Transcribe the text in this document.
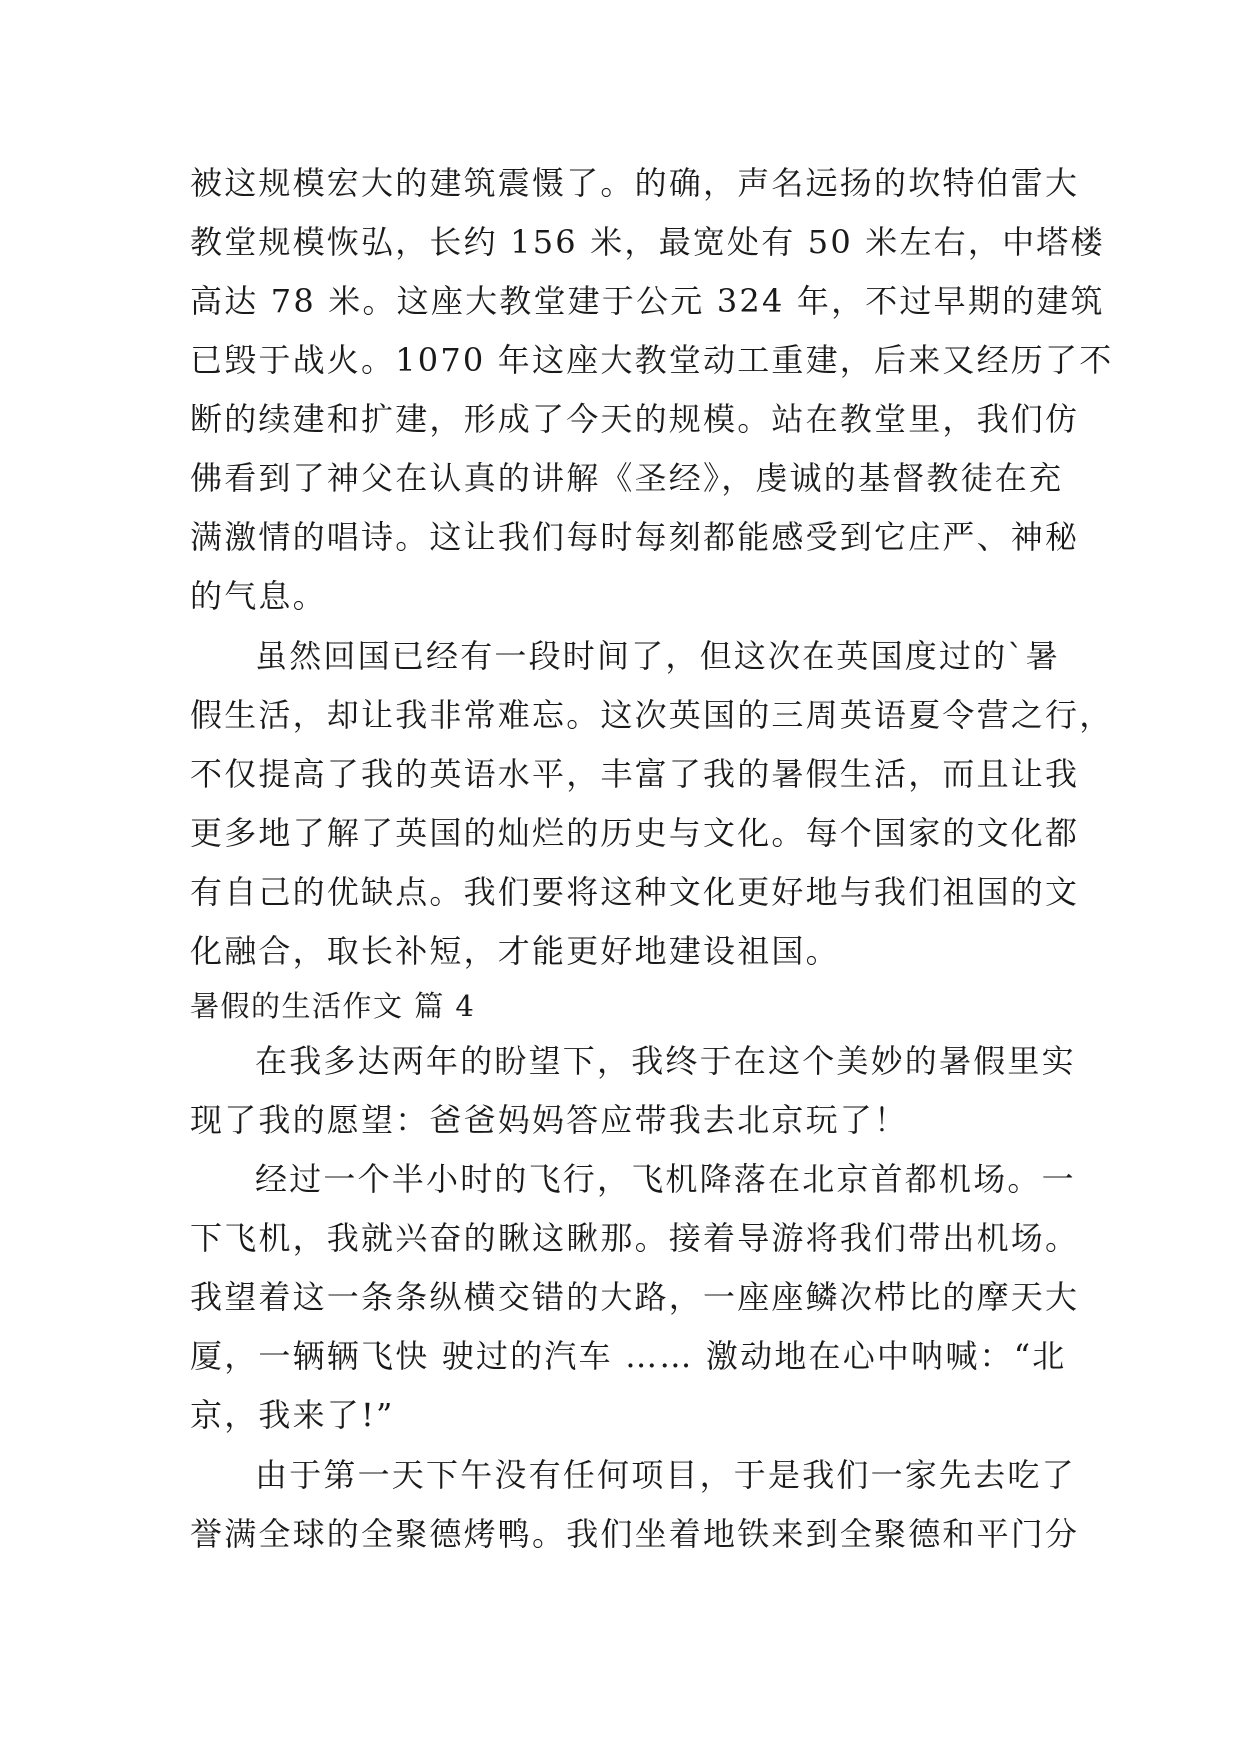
被这规模宏大的建筑震慑了。的确，声名远扬的坎特伯雷大

教堂规模恢弘，长约 156 米，最宽处有 50 米左右，中塔楼

高达 78 米。这座大教堂建于公元 324 年，不过早期的建筑

已毁于战火。1070 年这座大教堂动工重建，后来又经历了不

断的续建和扩建，形成了今天的规模。站在教堂里，我们仿

佛看到了神父在认真的讲解《圣经》，虔诚的基督教徒在充

满激情的唱诗。这让我们每时每刻都能感受到它庄严、神秘

的气息。

虽然回国已经有一段时间了，但这次在英国度过的`暑

假生活，却让我非常难忘。这次英国的三周英语夏令营之行，

不仅提高了我的英语水平，丰富了我的暑假生活，而且让我

更多地了解了英国的灿烂的历史与文化。每个国家的文化都

有自己的优缺点。我们要将这种文化更好地与我们祖国的文

化融合，取长补短，才能更好地建设祖国。

暑假的生活作文 篇 4

在我多达两年的盼望下，我终于在这个美妙的暑假里实

现了我的愿望：爸爸妈妈答应带我去北京玩了！

经过一个半小时的飞行，飞机降落在北京首都机场。一

下飞机，我就兴奋的瞅这瞅那。接着导游将我们带出机场。

我望着这一条条纵横交错的大路，一座座鳞次栉比的摩天大

厦，一辆辆飞快 驶过的汽车 …… 激动地在心中呐喊：“北

京，我来了!”

由于第一天下午没有任何项目，于是我们一家先去吃了

誉满全球的全聚德烤鸭。我们坐着地铁来到全聚德和平门分
